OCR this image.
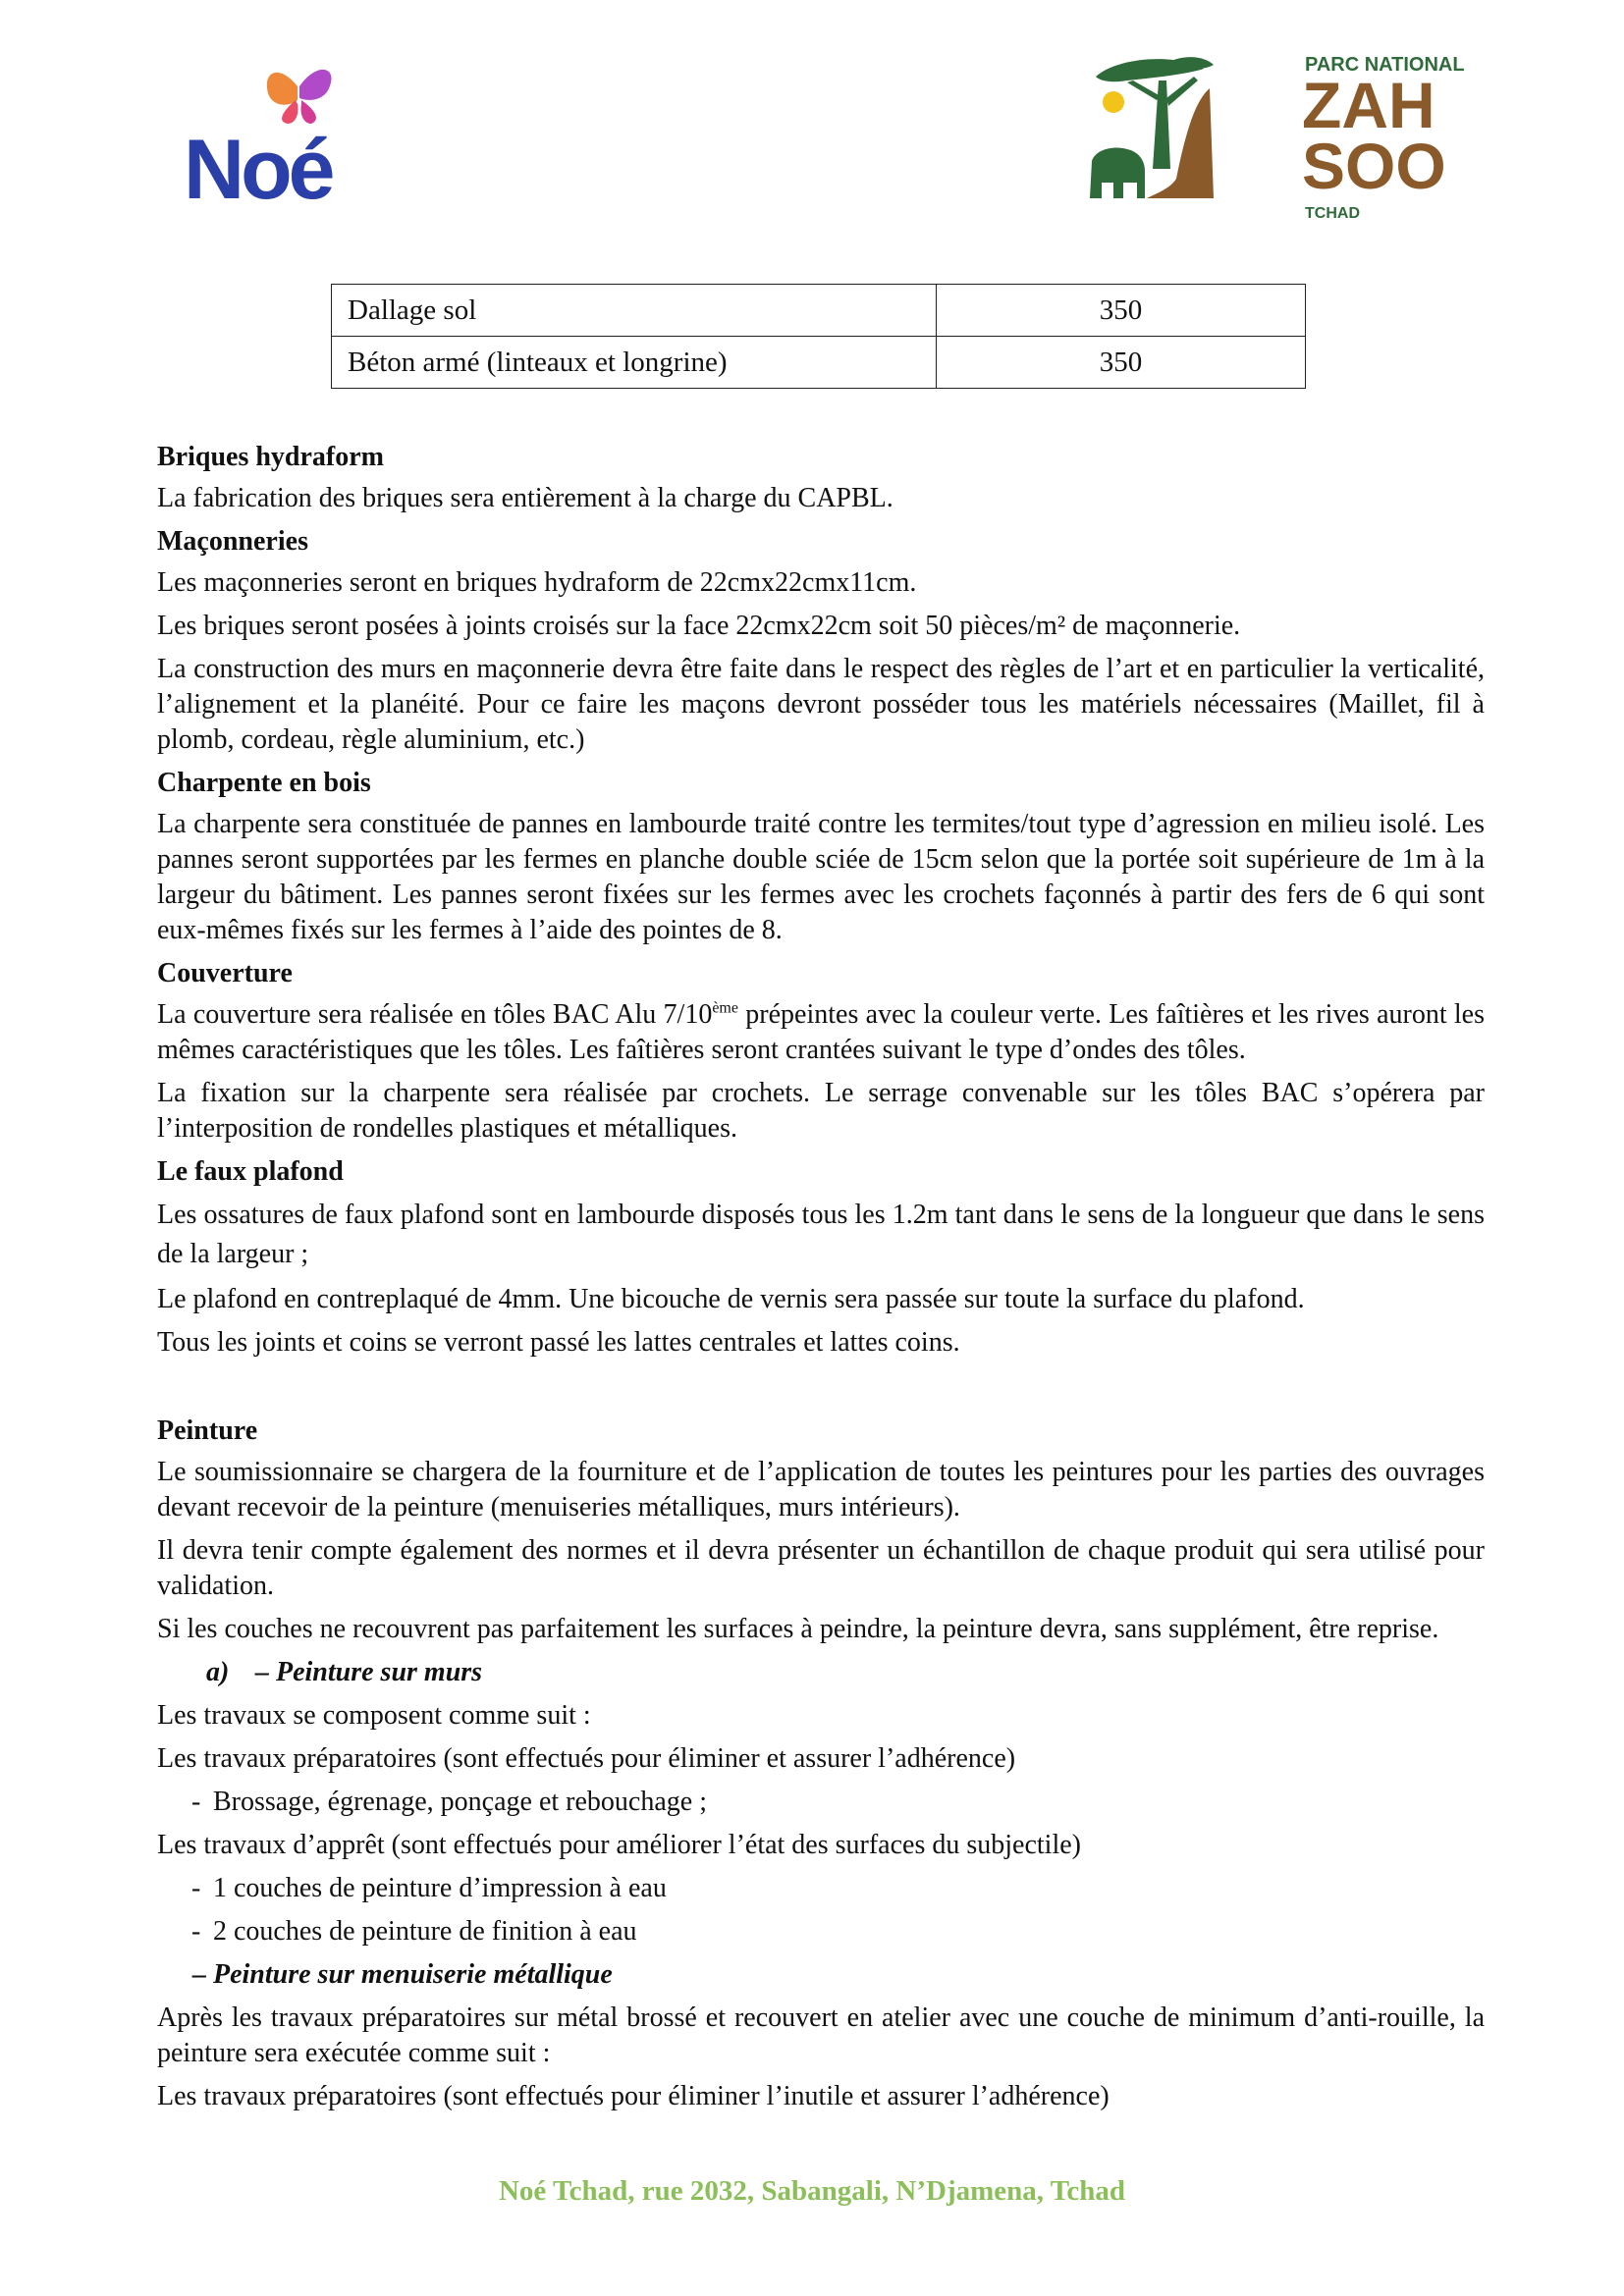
Noé
PARC NATIONAL
ZAH
SOO
TCHAD
Dallage sol	350
Béton armé (linteaux et longrine)	350
Briques hydraform

La fabrication des briques sera entièrement à la charge du CAPBL.

Maçonneries

Les maçonneries seront en briques hydraform de 22cmx22cmx11cm.

Les briques seront posées à joints croisés sur la face 22cmx22cm soit 50 pièces/m² de maçonnerie.

La construction des murs en maçonnerie devra être faite dans le respect des règles de l’art et en particulier la verticalité, l’alignement et la planéité. Pour ce faire les maçons devront posséder tous les matériels nécessaires (Maillet, fil à plomb, cordeau, règle aluminium, etc.)

Charpente en bois

La charpente sera constituée de pannes en lambourde traité contre les termites/tout type d’agression en milieu isolé. Les pannes seront supportées par les fermes en planche double sciée de 15cm selon que la portée soit supérieure de 1m à la largeur du bâtiment. Les pannes seront fixées sur les fermes avec les crochets façonnés à partir des fers de 6 qui sont eux-mêmes fixés sur les fermes à l’aide des pointes de 8.

Couverture

La couverture sera réalisée en tôles BAC Alu 7/10ème prépeintes avec la couleur verte. Les faîtières et les rives auront les mêmes caractéristiques que les tôles. Les faîtières seront crantées suivant le type d’ondes des tôles.

La fixation sur la charpente sera réalisée par crochets. Le serrage convenable sur les tôles BAC s’opérera par l’interposition de rondelles plastiques et métalliques.

Le faux plafond

Les ossatures de faux plafond sont en lambourde disposés tous les 1.2m tant dans le sens de la longueur que dans le sens de la largeur ;

Le plafond en contreplaqué de 4mm. Une bicouche de vernis sera passée sur toute la surface du plafond.

Tous les joints et coins se verront passé les lattes centrales et lattes coins.

Peinture

Le soumissionnaire se chargera de la fourniture et de l’application de toutes les peintures pour les parties des ouvrages devant recevoir de la peinture (menuiseries métalliques, murs intérieurs).

Il devra tenir compte également des normes et il devra présenter un échantillon de chaque produit qui sera utilisé pour validation.

Si les couches ne recouvrent pas parfaitement les surfaces à peindre, la peinture devra, sans supplément, être reprise.

a) – Peinture sur murs

Les travaux se composent comme suit :

Les travaux préparatoires (sont effectués pour éliminer et assurer l’adhérence)

- Brossage, égrenage, ponçage et rebouchage ;

Les travaux d’apprêt (sont effectués pour améliorer l’état des surfaces du subjectile)

- 1 couches de peinture d’impression à eau
- 2 couches de peinture de finition à eau

– Peinture sur menuiserie métallique

Après les travaux préparatoires sur métal brossé et recouvert en atelier avec une couche de minimum d’anti-rouille, la peinture sera exécutée comme suit :

Les travaux préparatoires (sont effectués pour éliminer l’inutile et assurer l’adhérence)

Noé Tchad, rue 2032, Sabangali, N’Djamena, Tchad
